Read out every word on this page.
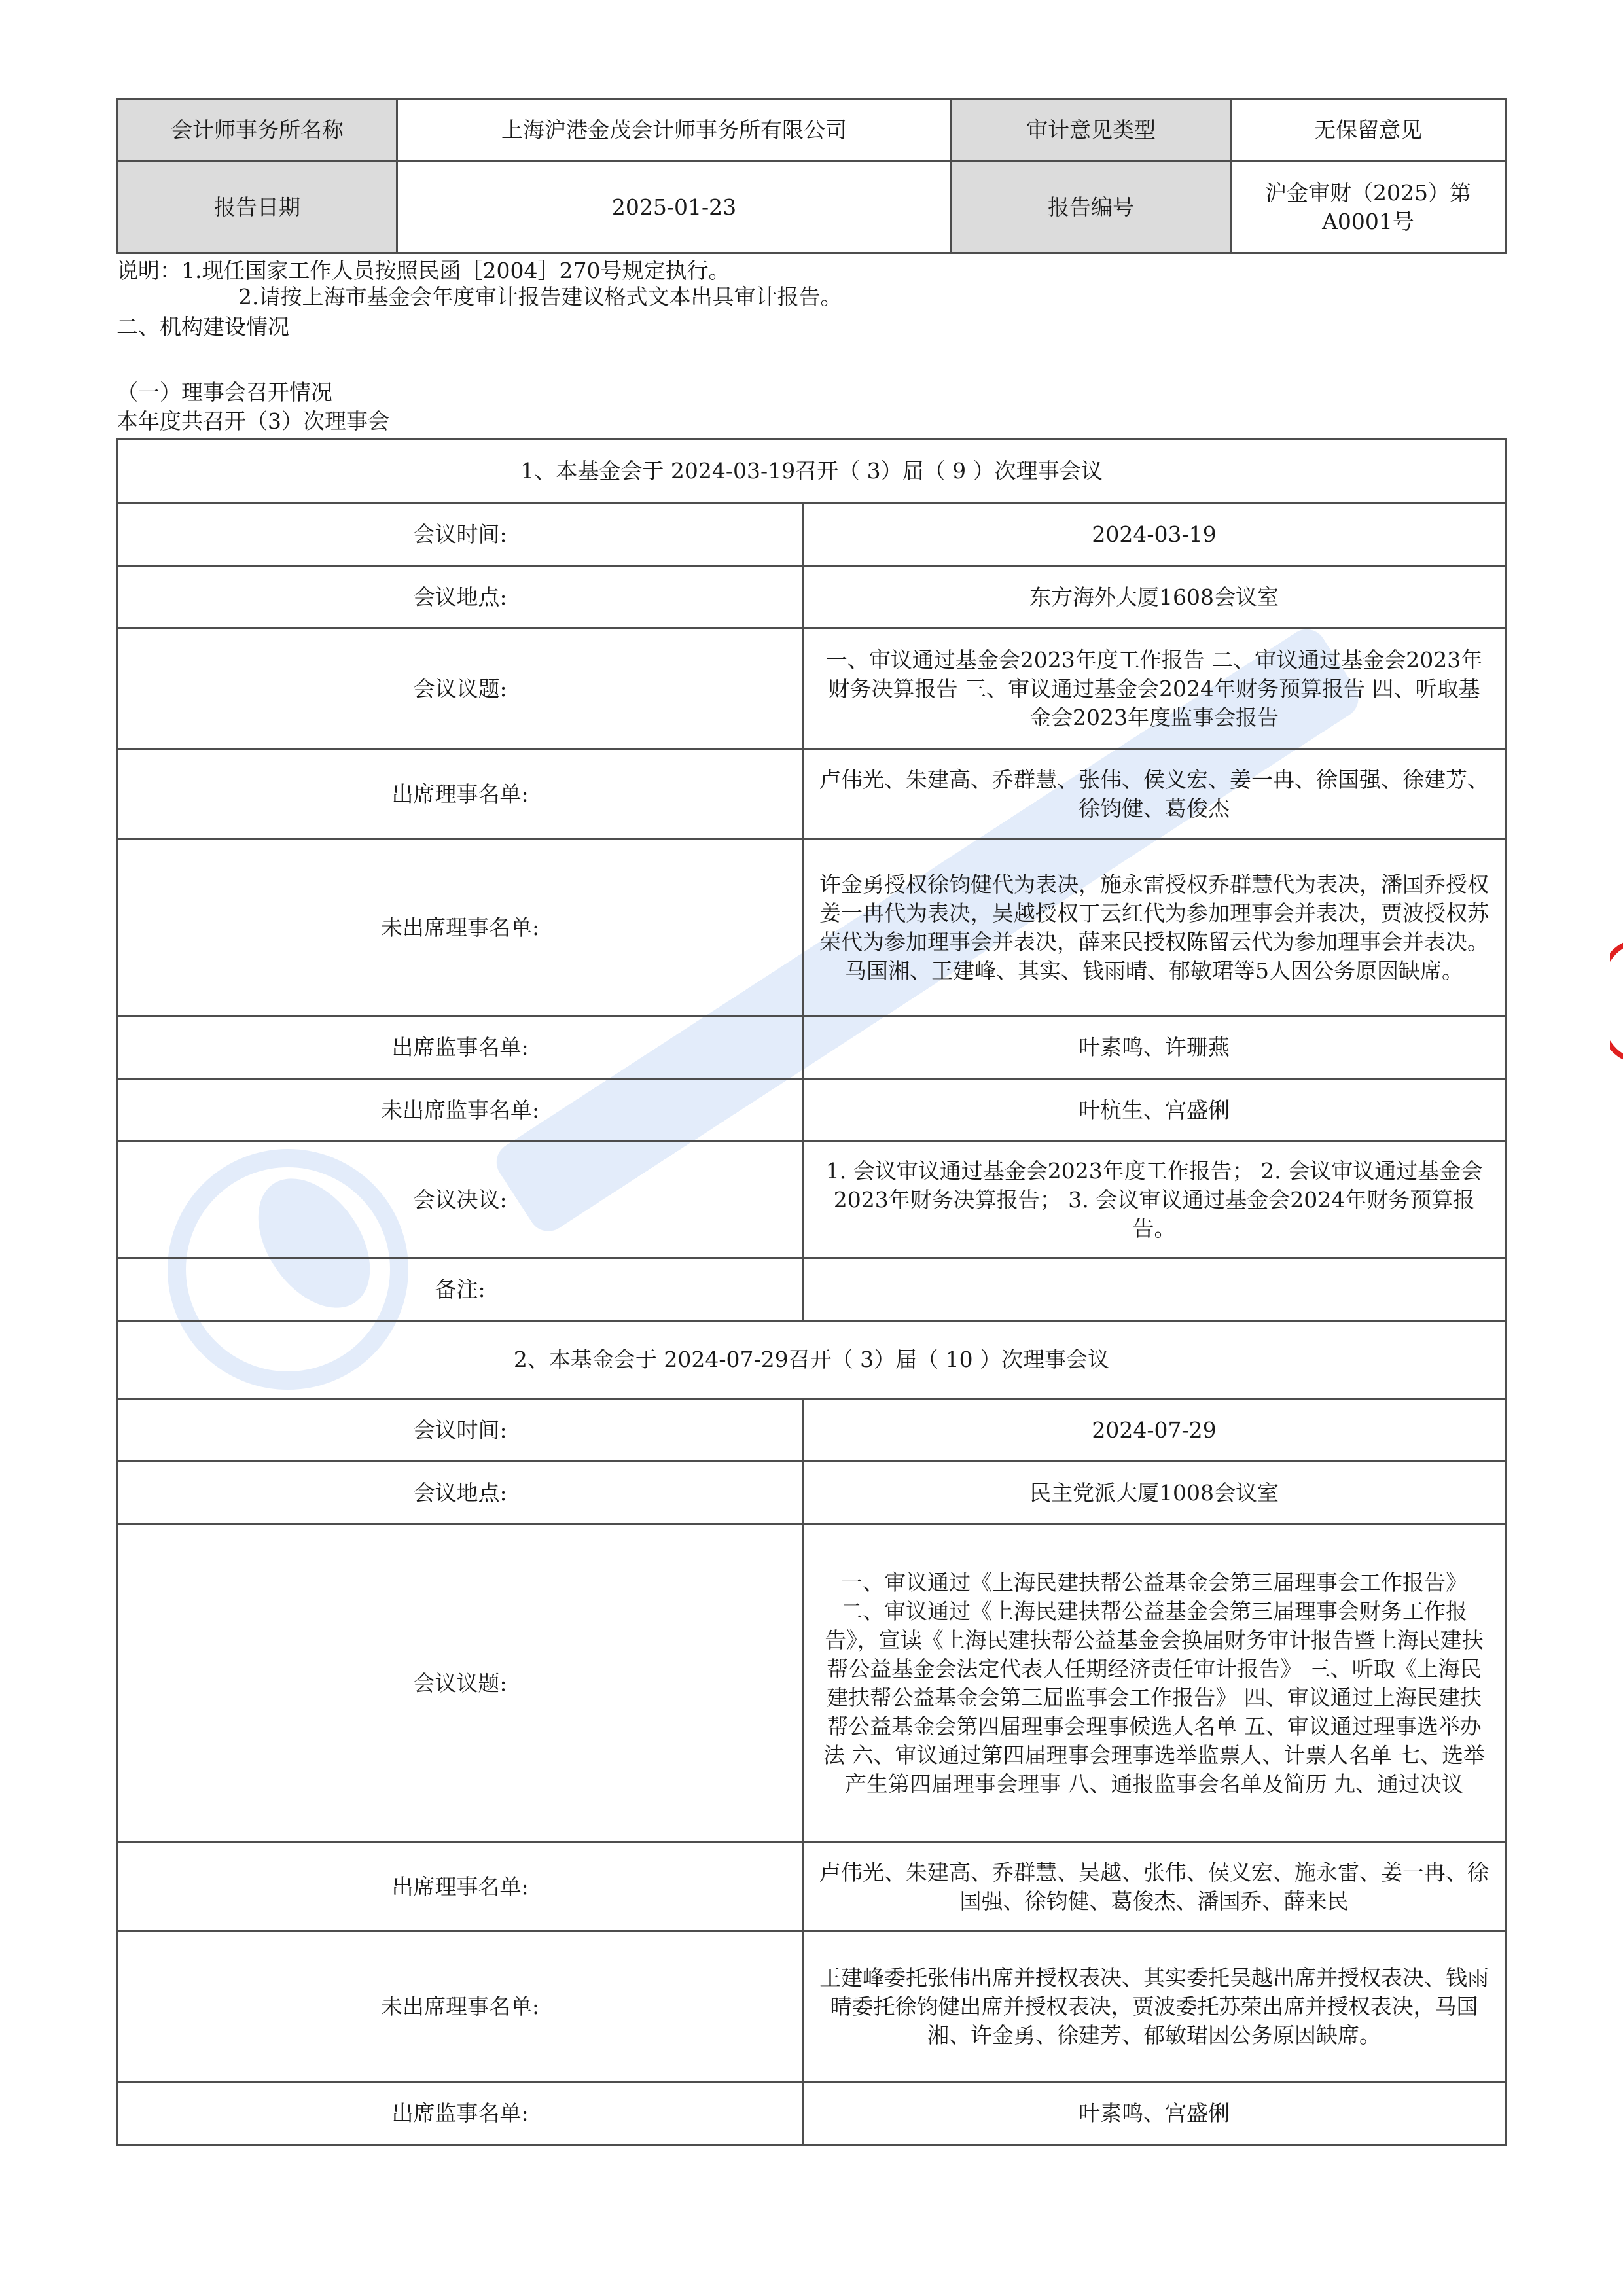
会计师事务所名称	上海沪港金茂会计师事务所有限公司	审计意见类型	无保留意见
报告日期	2025-01-23	报告编号	沪金审财（2025）第
A0001号
说明：1.现任国家工作人员按照民函［2004］270号规定执行。
2.请按上海市基金会年度审计报告建议格式文本出具审计报告。
二、机构建设情况
（一）理事会召开情况
本年度共召开（3）次理事会
1、本基金会于 2024-03-19召开（ 3）届（ 9 ）次理事会议	
会议时间:	2024-03-19
会议地点:	东方海外大厦1608会议室
会议议题:	一、审议通过基金会2023年度工作报告 二、审议通过基金会2023年财务决算报告 三、审议通过基金会2024年财务预算报告 四、听取基金会2023年度监事会报告
出席理事名单:	卢伟光、朱建高、乔群慧、张伟、侯义宏、姜一冉、徐国强、徐建芳、徐钧健、葛俊杰
未出席理事名单:	许金勇授权徐钧健代为表决，施永雷授权乔群慧代为表决，潘国乔授权姜一冉代为表决，吴越授权丁云红代为参加理事会并表决，贾波授权苏荣代为参加理事会并表决，薛来民授权陈留云代为参加理事会并表决。马国湘、王建峰、其实、钱雨晴、郁敏珺等5人因公务原因缺席。
出席监事名单:	叶素鸣、许珊燕
未出席监事名单:	叶杭生、宫盛俐
会议决议:	1. 会议审议通过基金会2023年度工作报告； 2. 会议审议通过基金会2023年财务决算报告； 3. 会议审议通过基金会2024年财务预算报告。
备注:	
2、本基金会于 2024-07-29召开（ 3）届（ 10 ）次理事会议	
会议时间:	2024-07-29
会议地点:	民主党派大厦1008会议室
会议议题:	一、审议通过《上海民建扶帮公益基金会第三届理事会工作报告》 二、审议通过《上海民建扶帮公益基金会第三届理事会财务工作报告》，宣读《上海民建扶帮公益基金会换届财务审计报告暨上海民建扶帮公益基金会法定代表人任期经济责任审计报告》 三、听取《上海民建扶帮公益基金会第三届监事会工作报告》 四、审议通过上海民建扶帮公益基金会第四届理事会理事候选人名单 五、审议通过理事选举办法 六、审议通过第四届理事会理事选举监票人、计票人名单 七、选举产生第四届理事会理事 八、通报监事会名单及简历 九、通过决议
出席理事名单:	卢伟光、朱建高、乔群慧、吴越、张伟、侯义宏、施永雷、姜一冉、徐国强、徐钧健、葛俊杰、潘国乔、薛来民
未出席理事名单:	王建峰委托张伟出席并授权表决、其实委托吴越出席并授权表决、钱雨晴委托徐钧健出席并授权表决，贾波委托苏荣出席并授权表决，马国湘、许金勇、徐建芳、郁敏珺因公务原因缺席。
出席监事名单:	叶素鸣、宫盛俐
